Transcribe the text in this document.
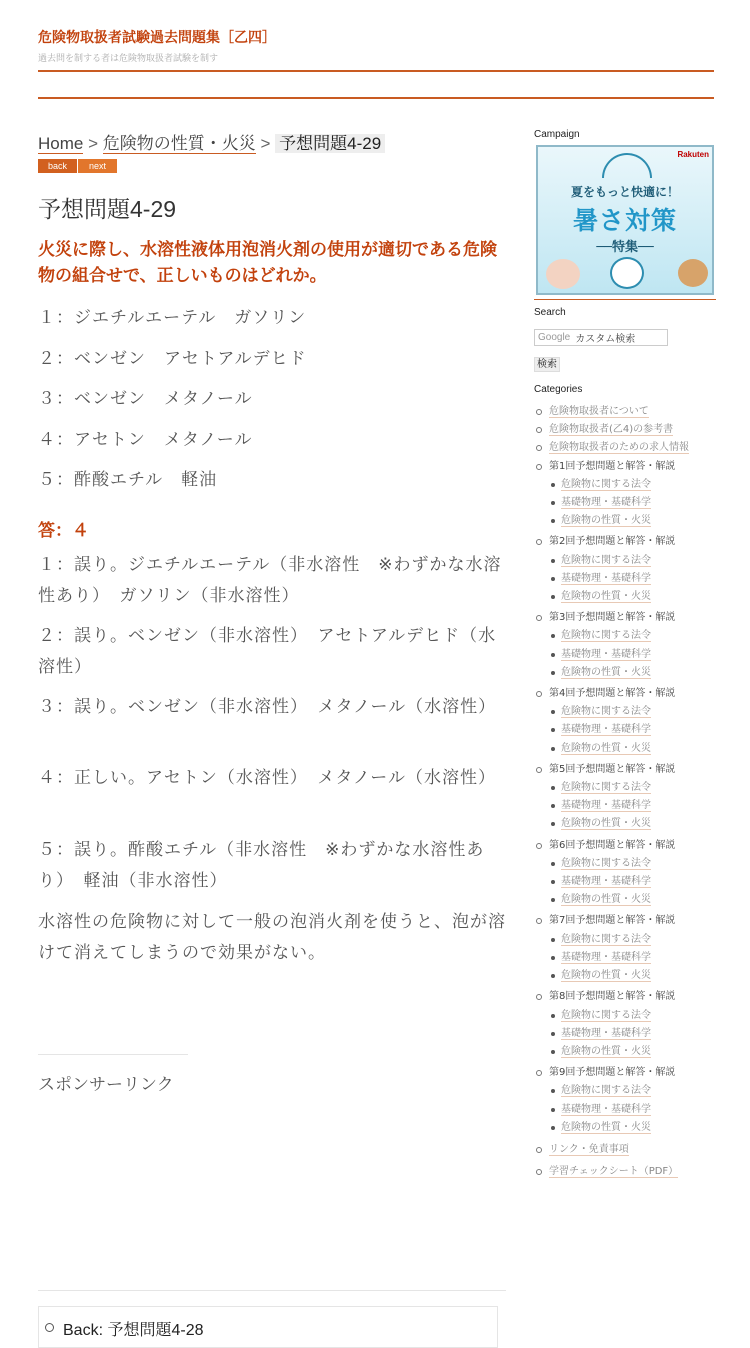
危険物取扱者試験過去問題集［乙四］
過去問を制する者は危険物取扱者試験を制す
Home > 危険物の性質・火災 > 予想問題4-29
back	next
予想問題4-29
火災に際し、水溶性液体用泡消火剤の使用が適切である危険物の組合せで、正しいものはどれか。
１：ジエチルエーテル　ガソリン
２：ベンゼン　アセトアルデヒド
３：ベンゼン　メタノール
４：アセトン　メタノール
５：酢酸エチル　軽油
答：４
１：誤り。ジエチルエーテル（非水溶性　※わずかな水溶性あり）　ガソリン（非水溶性）
２：誤り。ベンゼン（非水溶性）　アセトアルデヒド（水溶性）
３：誤り。ベンゼン（非水溶性）　メタノール（水溶性）
４：正しい。アセトン（水溶性）　メタノール（水溶性）
５：誤り。酢酸エチル（非水溶性　※わずかな水溶性あり）　軽油（非水溶性）
水溶性の危険物に対して一般の泡消火剤を使うと、泡が溶けて消えてしまうので効果がない。
スポンサーリンク
Back: 予想問題4-28
Campaign
Rakuten
夏をもっと快適に！
暑さ対策
──特集──
Search
Google カスタム検索
検索
Categories
危険物取扱者について
危険物取扱者(乙4)の参考書
危険物取扱者のための求人情報
第1回予想問題と解答・解説
危険物に関する法令
基礎物理・基礎科学
危険物の性質・火災
第2回予想問題と解答・解説
危険物に関する法令
基礎物理・基礎科学
危険物の性質・火災
第3回予想問題と解答・解説
危険物に関する法令
基礎物理・基礎科学
危険物の性質・火災
第4回予想問題と解答・解説
危険物に関する法令
基礎物理・基礎科学
危険物の性質・火災
第5回予想問題と解答・解説
危険物に関する法令
基礎物理・基礎科学
危険物の性質・火災
第6回予想問題と解答・解説
危険物に関する法令
基礎物理・基礎科学
危険物の性質・火災
第7回予想問題と解答・解説
危険物に関する法令
基礎物理・基礎科学
危険物の性質・火災
第8回予想問題と解答・解説
危険物に関する法令
基礎物理・基礎科学
危険物の性質・火災
第9回予想問題と解答・解説
危険物に関する法令
基礎物理・基礎科学
危険物の性質・火災
リンク・免責事項
学習チェックシート（PDF）
